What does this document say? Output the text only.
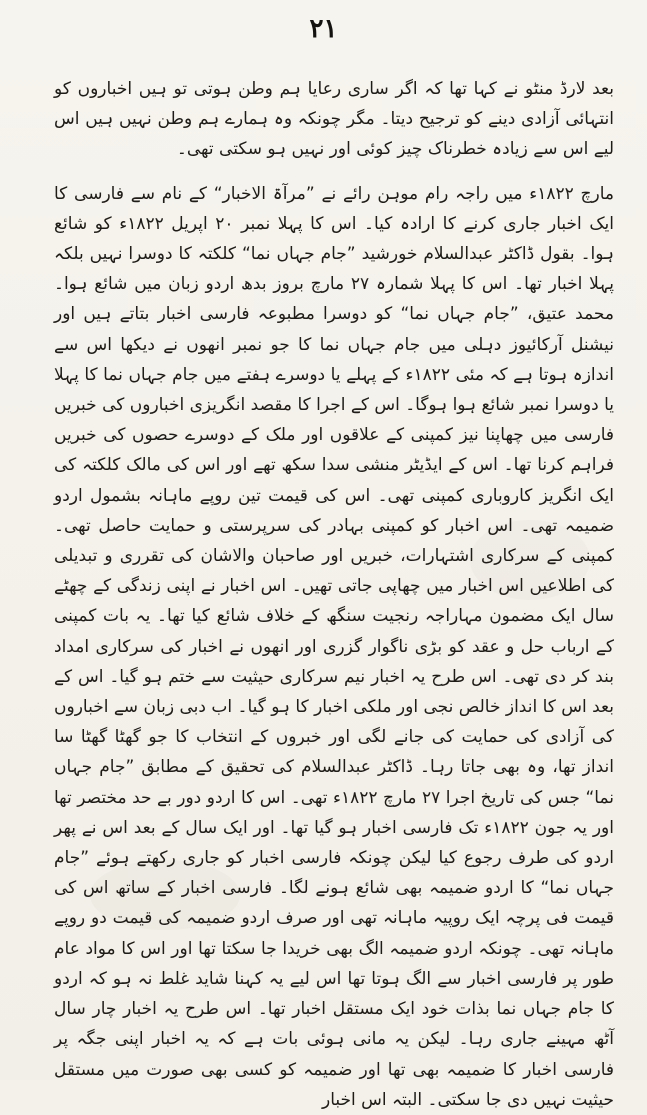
۲۱

بعد لارڈ منٹو نے کہا تھا کہ اگر ساری رعایا ہم وطن ہوتی تو ہیں اخباروں کو انتہائی آزادی دینے کو ترجیح دیتا۔ مگر چونکہ وہ ہمارے ہم وطن نہیں ہیں اس لیے اس سے زیادہ خطرناک چیز کوئی اور نہیں ہو سکتی تھی۔

مارچ ۱۸۲۲ء میں راجہ رام موہن رائے نے ”مرآۃ الاخبار“ کے نام سے فارسی کا ایک اخبار جاری کرنے کا ارادہ کیا۔ اس کا پہلا نمبر ۲۰ اپریل ۱۸۲۲ء کو شائع ہوا۔ بقول ڈاکٹر عبدالسلام خورشید ”جام جہاں نما“ کلکتہ کا دوسرا نہیں بلکہ پہلا اخبار تھا۔ اس کا پہلا شمارہ ۲۷ مارچ بروز بدھ اردو زبان میں شائع ہوا۔ محمد عتیق، ”جام جہاں نما“ کو دوسرا مطبوعہ فارسی اخبار بتاتے ہیں اور نیشنل آرکائیوز دہلی میں جام جہاں نما کا جو نمبر انھوں نے دیکھا اس سے اندازہ ہوتا ہے کہ مئی ۱۸۲۲ء کے پہلے یا دوسرے ہفتے میں جام جہاں نما کا پہلا یا دوسرا نمبر شائع ہوا ہوگا۔ اس کے اجرا کا مقصد انگریزی اخباروں کی خبریں فارسی میں چھاپنا نیز کمپنی کے علاقوں اور ملک کے دوسرے حصوں کی خبریں فراہم کرنا تھا۔ اس کے ایڈیٹر منشی سدا سکھ تھے اور اس کی مالک کلکتہ کی ایک انگریز کاروباری کمپنی تھی۔ اس کی قیمت تین روپے ماہانہ بشمول اردو ضمیمہ تھی۔ اس اخبار کو کمپنی بہادر کی سرپرستی و حمایت حاصل تھی۔ کمپنی کے سرکاری اشتہارات، خبریں اور صاحبان والاشان کی تقرری و تبدیلی کی اطلاعیں اس اخبار میں چھاپی جاتی تھیں۔ اس اخبار نے اپنی زندگی کے چھٹے سال ایک مضمون مہاراجہ رنجیت سنگھ کے خلاف شائع کیا تھا۔ یہ بات کمپنی کے ارباب حل و عقد کو بڑی ناگوار گزری اور انھوں نے اخبار کی سرکاری امداد بند کر دی تھی۔ اس طرح یہ اخبار نیم سرکاری حیثیت سے ختم ہو گیا۔ اس کے بعد اس کا انداز خالص نجی اور ملکی اخبار کا ہو گیا۔ اب دبی زبان سے اخباروں کی آزادی کی حمایت کی جانے لگی اور خبروں کے انتخاب کا جو گھٹا گھٹا سا انداز تھا، وہ بھی جاتا رہا۔ ڈاکٹر عبدالسلام کی تحقیق کے مطابق ”جام جہاں نما“ جس کی تاریخ اجرا ۲۷ مارچ ۱۸۲۲ء تھی۔ اس کا اردو دور بے حد مختصر تھا اور یہ جون ۱۸۲۲ء تک فارسی اخبار ہو گیا تھا۔ اور ایک سال کے بعد اس نے پھر اردو کی طرف رجوع کیا لیکن چونکہ فارسی اخبار کو جاری رکھتے ہوئے ”جام جہاں نما“ کا اردو ضمیمہ بھی شائع ہونے لگا۔ فارسی اخبار کے ساتھ اس کی قیمت فی پرچہ ایک روپیہ ماہانہ تھی اور صرف اردو ضمیمہ کی قیمت دو روپے ماہانہ تھی۔ چونکہ اردو ضمیمہ الگ بھی خریدا جا سکتا تھا اور اس کا مواد عام طور پر فارسی اخبار سے الگ ہوتا تھا اس لیے یہ کہنا شاید غلط نہ ہو کہ اردو کا جام جہاں نما بذات خود ایک مستقل اخبار تھا۔ اس طرح یہ اخبار چار سال آٹھ مہینے جاری رہا۔ لیکن یہ مانی ہوئی بات ہے کہ یہ اخبار اپنی جگہ پر فارسی اخبار کا ضمیمہ بھی تھا اور ضمیمہ کو کسی بھی صورت میں مستقل حیثیت نہیں دی جا سکتی۔ البتہ اس اخبار
